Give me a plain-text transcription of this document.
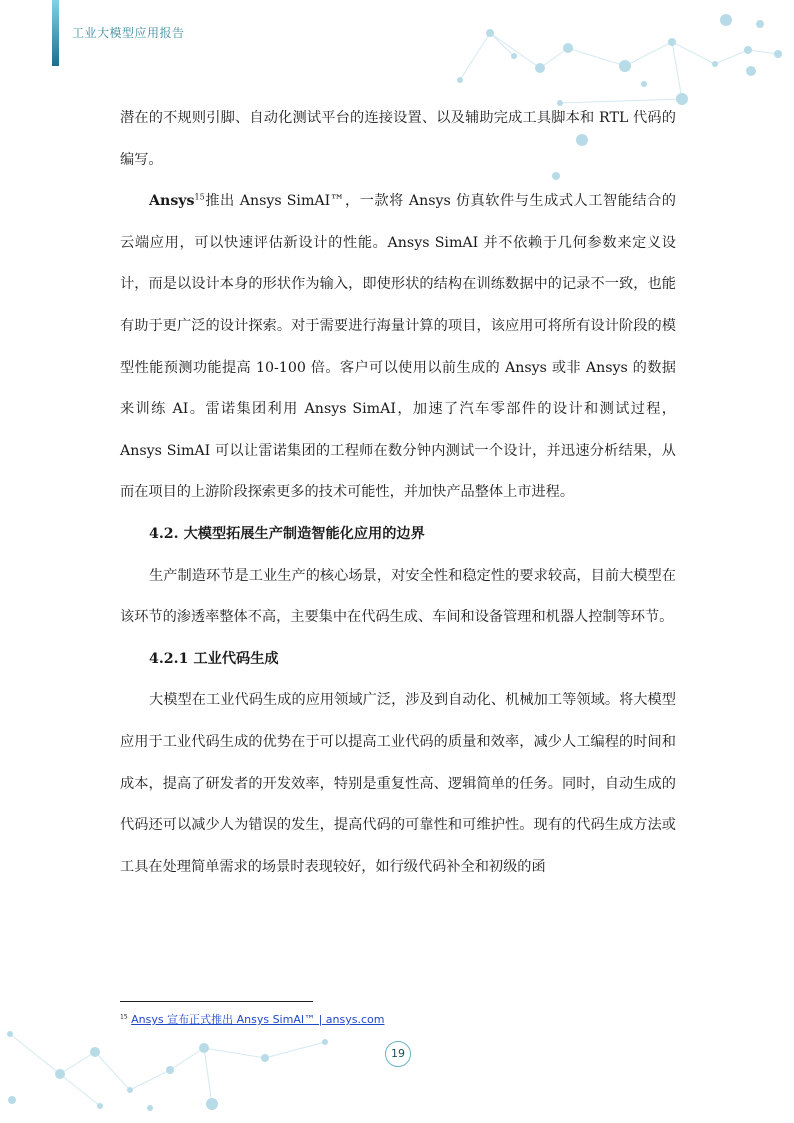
工业大模型应用报告

潜在的不规则引脚、自动化测试平台的连接设置、以及辅助完成工具脚本和 RTL 代码的编写。

Ansys$^{15}$推出 Ansys SimAI™，一款将 Ansys 仿真软件与生成式人工智能结合的云端应用，可以快速评估新设计的性能。Ansys SimAI 并不依赖于几何参数来定义设计，而是以设计本身的形状作为输入，即使形状的结构在训练数据中的记录不一致，也能有助于更广泛的设计探索。对于需要进行海量计算的项目，该应用可将所有设计阶段的模型性能预测功能提高 10-100 倍。客户可以使用以前生成的 Ansys 或非 Ansys 的数据来训练 AI。雷诺集团利用 Ansys SimAI，加速了汽车零部件的设计和测试过程， Ansys SimAI 可以让雷诺集团的工程师在数分钟内测试一个设计，并迅速分析结果，从而在项目的上游阶段探索更多的技术可能性，并加快产品整体上市进程。

4.2. 大模型拓展生产制造智能化应用的边界

生产制造环节是工业生产的核心场景，对安全性和稳定性的要求较高，目前大模型在该环节的渗透率整体不高，主要集中在代码生成、车间和设备管理和机器人控制等环节。

4.2.1 工业代码生成

大模型在工业代码生成的应用领域广泛，涉及到自动化、机械加工等领域。将大模型应用于工业代码生成的优势在于可以提高工业代码的质量和效率，减少人工编程的时间和成本，提高了研发者的开发效率，特别是重复性高、逻辑简单的任务。同时，自动生成的代码还可以减少人为错误的发生，提高代码的可靠性和可维护性。现有的代码生成方法或工具在处理简单需求的场景时表现较好，如行级代码补全和初级的函

$^{15}$ Ansys 宣布正式推出 Ansys SimAI™ | ansys.com
19
